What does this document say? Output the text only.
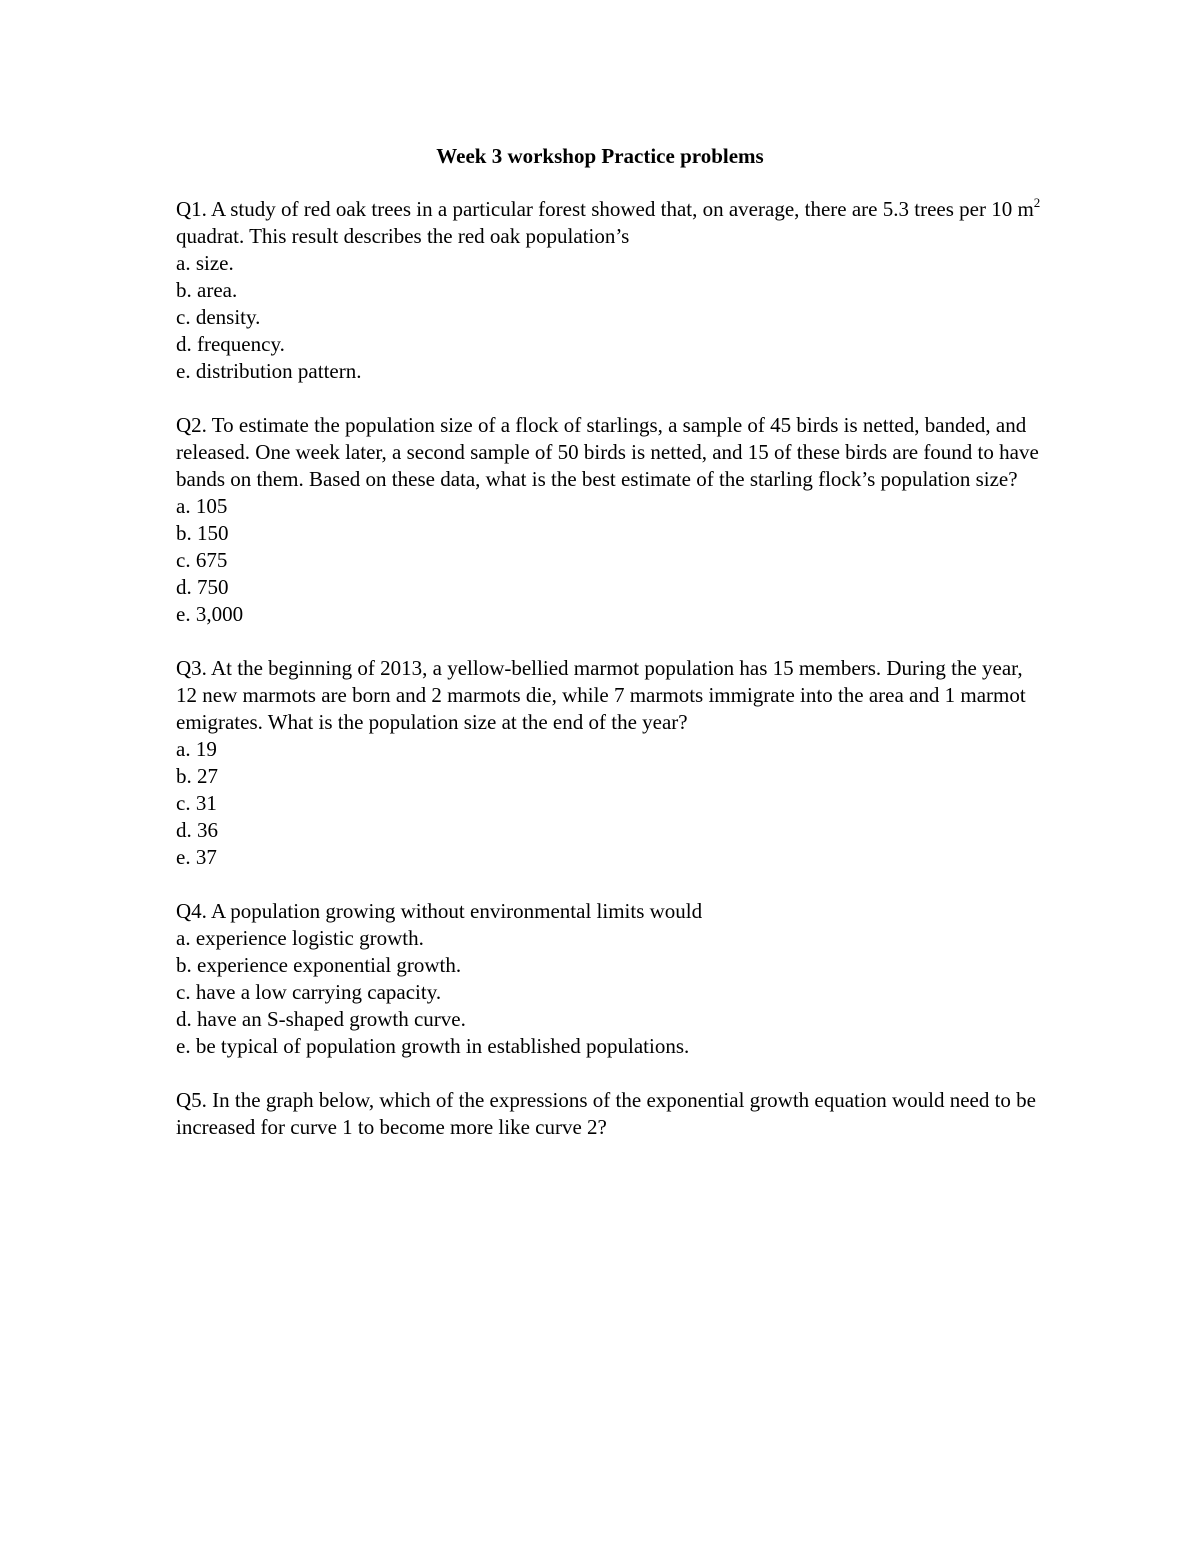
Week 3 workshop Practice problems

Q1. A study of red oak trees in a particular forest showed that, on average, there are 5.3 trees per 10 $m^2$ quadrat. This result describes the red oak population’s

a. size.

b. area.

c. density.

d. frequency.

e. distribution pattern.

Q2. To estimate the population size of a flock of starlings, a sample of 45 birds is netted, banded, and released. One week later, a second sample of 50 birds is netted, and 15 of these birds are found to have bands on them. Based on these data, what is the best estimate of the starling flock’s population size?

a. 105

b. 150

c. 675

d. 750

e. 3,000

Q3. At the beginning of 2013, a yellow-bellied marmot population has 15 members. During the year, 12 new marmots are born and 2 marmots die, while 7 marmots immigrate into the area and 1 marmot emigrates. What is the population size at the end of the year?

a. 19

b. 27

c. 31

d. 36

e. 37

Q4. A population growing without environmental limits would

a. experience logistic growth.

b. experience exponential growth.

c. have a low carrying capacity.

d. have an S-shaped growth curve.

e. be typical of population growth in established populations.

Q5. In the graph below, which of the expressions of the exponential growth equation would need to be increased for curve 1 to become more like curve 2?
